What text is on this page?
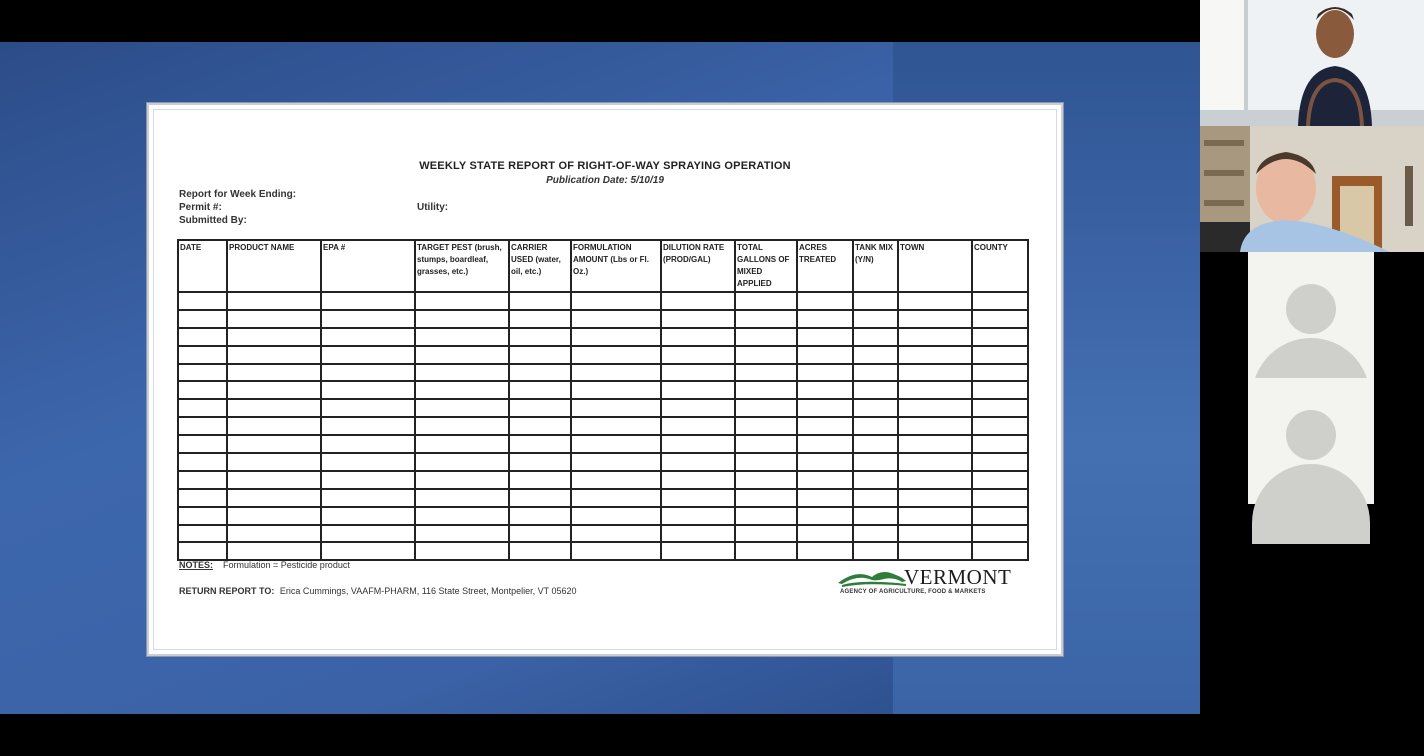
WEEKLY STATE REPORT OF RIGHT-OF-WAY SPRAYING OPERATION
Publication Date: 5/10/19
Report for Week Ending:
Permit #:
Submitted By:
Utility:
DATE	PRODUCT NAME	EPA #	TARGET PEST (brush, stumps, boardleaf, grasses, etc.)	CARRIER USED (water, oil, etc.)	FORMULATION AMOUNT (Lbs or Fl. Oz.)	DILUTION RATE (PROD/GAL)	TOTAL GALLONS OF MIXED APPLIED	ACRES TREATED	TANK MIX (Y/N)	TOWN	COUNTY

NOTES: Formulation = Pesticide product
RETURN REPORT TO: Erica Cummings, VAAFM-PHARM, 116 State Street, Montpelier, VT 05620
VERMONT
AGENCY OF AGRICULTURE, FOOD & MARKETS
